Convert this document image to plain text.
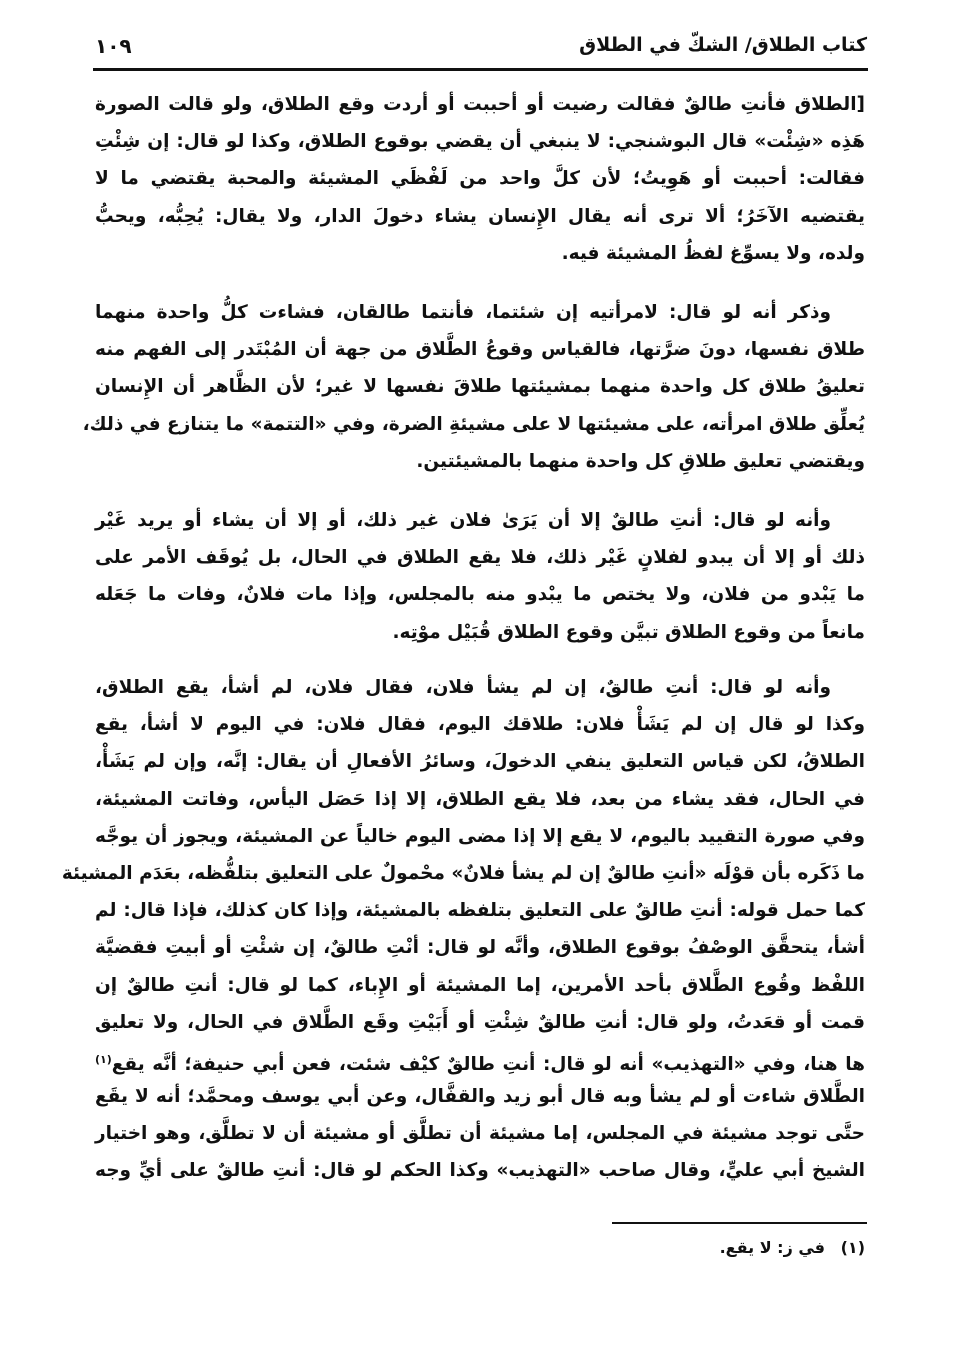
كتاب الطلاق/ الشكّ في الطلاق
١٠٩
[الطلاق فأنتِ طالقٌ فقالت رضيت أو أحببت أو أردت وقع الطلاق، ولو قالت الصورة
هَذِه «شِئْت» قال البوشنجي: لا ينبغي أن يقضي بوقوع الطلاق، وكذا لو قال: إن شِئْتِ
فقالت: أحببت أو هَوِيتُ؛ لأن كلَّ واحد من لَفْظَي المشيئة والمحبة يقتضي ما لا
يقتضيه الآخَرُ؛ ألا ترى أنه يقال الإِنسان يشاء دخولَ الدار، ولا يقال: يُحِبُّه، ويحبُّ
ولده، ولا يسوِّغ لفظُ المشيئة فيه.
وذكر أنه لو قال: لامرأتيه إن شئتما، فأنتما طالقان، فشاءت كلُّ واحدة منهما
طلاق نفسها، دونَ ضرَّتها، فالقياس وقوعُ الطَّلاق من جهة أن المُبْتَدر إلى الفهم منه
تعليقُ طلاق كل واحدة منهما بمشيئتها طلاقَ نفسها لا غير؛ لأن الظَّاهر أن الإِنسان
يُعلِّق طلاق امرأته، على مشيئتها لا على مشيئةِ الضرة، وفي «التتمة» ما يتنازع في ذلك،
ويقتضي تعليق طلاقِ كل واحدة منهما بالمشيئتين.
وأنه لو قال: أنتِ طالقٌ إلا أن يَرَىٰ فلان غير ذلك، أو إلا أن يشاء أو يريد غَيْر
ذلك أو إلا أن يبدو لفلانٍ غَيْر ذلك، فلا يقع الطلاق في الحال، بل يُوقَف الأمر على
ما يَبْدو من فلان، ولا يختص ما يبْدو منه بالمجلس، وإذا مات فلانٌ، وفات ما جَعَله
مانعاً من وقوع الطلاق تبيَّن وقوع الطلاق قُبَيْل موْتِه.
وأنه لو قال: أنتِ طالقٌ، إن لم يشأ فلان، فقال فلان، لم أشأ، يقع الطلاق،
وكذا لو قال إن لم يَشَأْ فلان: طلاقك اليوم، فقال فلان: في اليوم لا أشأ، يقع
الطلاقُ، لكن قياس التعليق ينفي الدخولَ، وسائرُ الأفعالِ أن يقال: إنَّه، وإن لم يَشَأْ،
في الحال، فقد يشاء من بعد، فلا يقع الطلاق، إلا إذا حَصَل اليأس، وفاتت المشيئة،
وفي صورة التقييد باليوم، لا يقع إلا إذا مضى اليوم خالياً عن المشيئة، ويجوز أن يوجَّه
ما ذَكَره بأن قوْلَه «أنتِ طالقٌ إن لم يشأ فلانٌ» محْمولٌ على التعليق بتلفُّظه، بعَدَم المشيئة
كما حمل قوله: أنتِ طالقٌ على التعليق بتلفظه بالمشيئة، وإذا كان كذلك، فإذا قال: لم
أشأ، يتحقَّق الوصْفُ بوقوع الطلاق، وأنَّه لو قال: أنْتِ طالقٌ، إن شئْتِ أو أبيتِ فقضيَّة
اللفْظ وقُوع الطَّلاق بأحد الأمرين، إما المشيئة أو الإِباء، كما لو قال: أنتِ طالقٌ إن
قمت أو قعَدتُ، ولو قال: أنتِ طالقٌ شِئْتِ أو أَبَيْتِ وقَع الطَّلاق في الحال، ولا تعليق
ها هنا، وفي «التهذيب» أنه لو قال: أنتِ طالقٌ كيْف شئت، فعن أبي حنيفة؛ أنَّه يقع$^{(١)}$
الطَّلاق شاءت أو لم يشأ وبه قال أبو زيد والقفَّال، وعن أبي يوسف ومحمَّد؛ أنه لا يقَع
حتَّى توجد مشيئة في المجلس، إما مشيئة أن تطلَّق أو مشيئة أن لا تطلَّق، وهو اختيار
الشيخ أبي عليٍّ، وقال صاحب «التهذيب» وكذا الحكم لو قال: أنتِ طالقٌ على أيِّ وجه
(١) في ز: لا يقع.
